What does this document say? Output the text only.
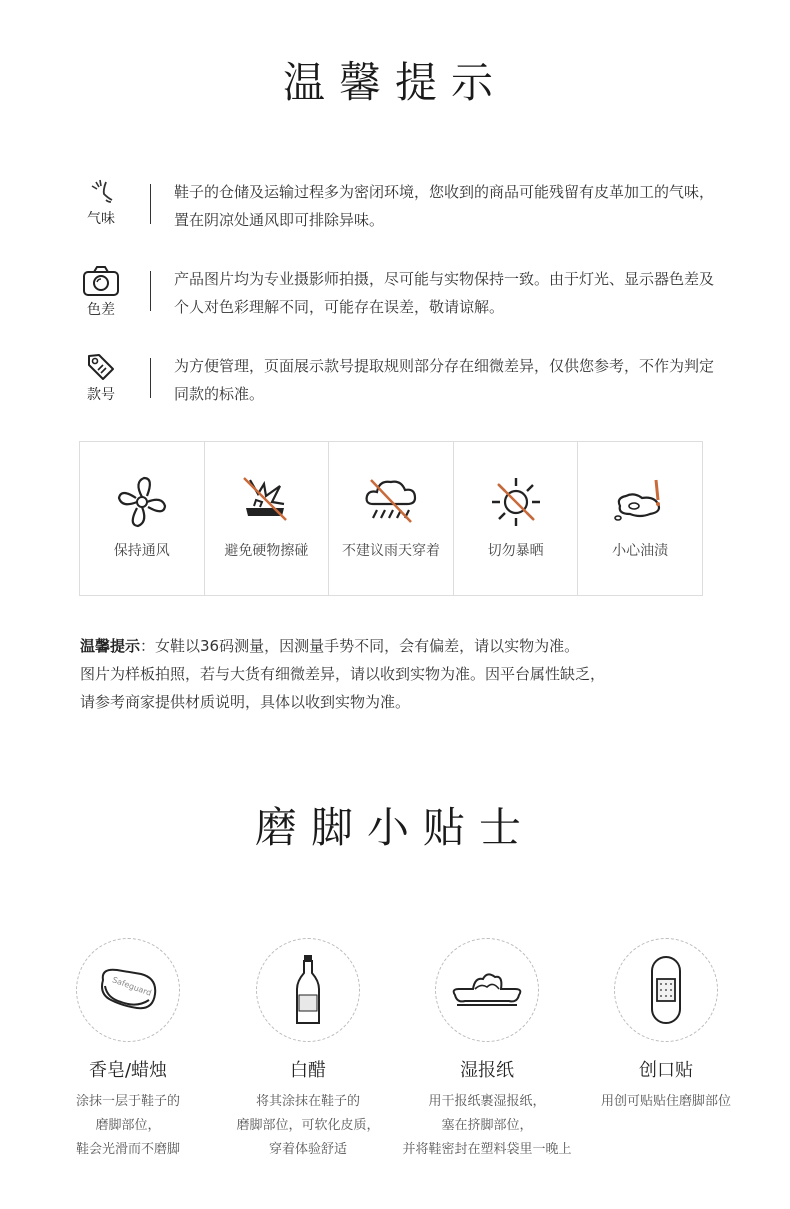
温馨提示
气味
鞋子的仓储及运输过程多为密闭环境，您收到的商品可能残留有皮革加工的气味，置在阴凉处通风即可排除异味。
色差
产品图片均为专业摄影师拍摄，尽可能与实物保持一致。由于灯光、显示器色差及个人对色彩理解不同，可能存在误差，敬请谅解。
款号
为方便管理，页面展示款号提取规则部分存在细微差异，仅供您参考，不作为判定同款的标准。
保持通风	避免硬物擦碰	不建议雨天穿着	切勿暴晒	小心油渍
温馨提示：女鞋以36码测量，因测量手势不同，会有偏差，请以实物为准。
图片为样板拍照，若与大货有细微差异，请以收到实物为准。因平台属性缺乏，
请参考商家提供材质说明，具体以收到实物为准。
磨脚小贴士
Safeguard
香皂/蜡烛
涂抹一层于鞋子的
磨脚部位，
鞋会光滑而不磨脚
白醋
将其涂抹在鞋子的
磨脚部位，可软化皮质，
穿着体验舒适
湿报纸
用干报纸裹湿报纸，
塞在挤脚部位，
并将鞋密封在塑料袋里一晚上
创口贴
用创可贴贴住磨脚部位
